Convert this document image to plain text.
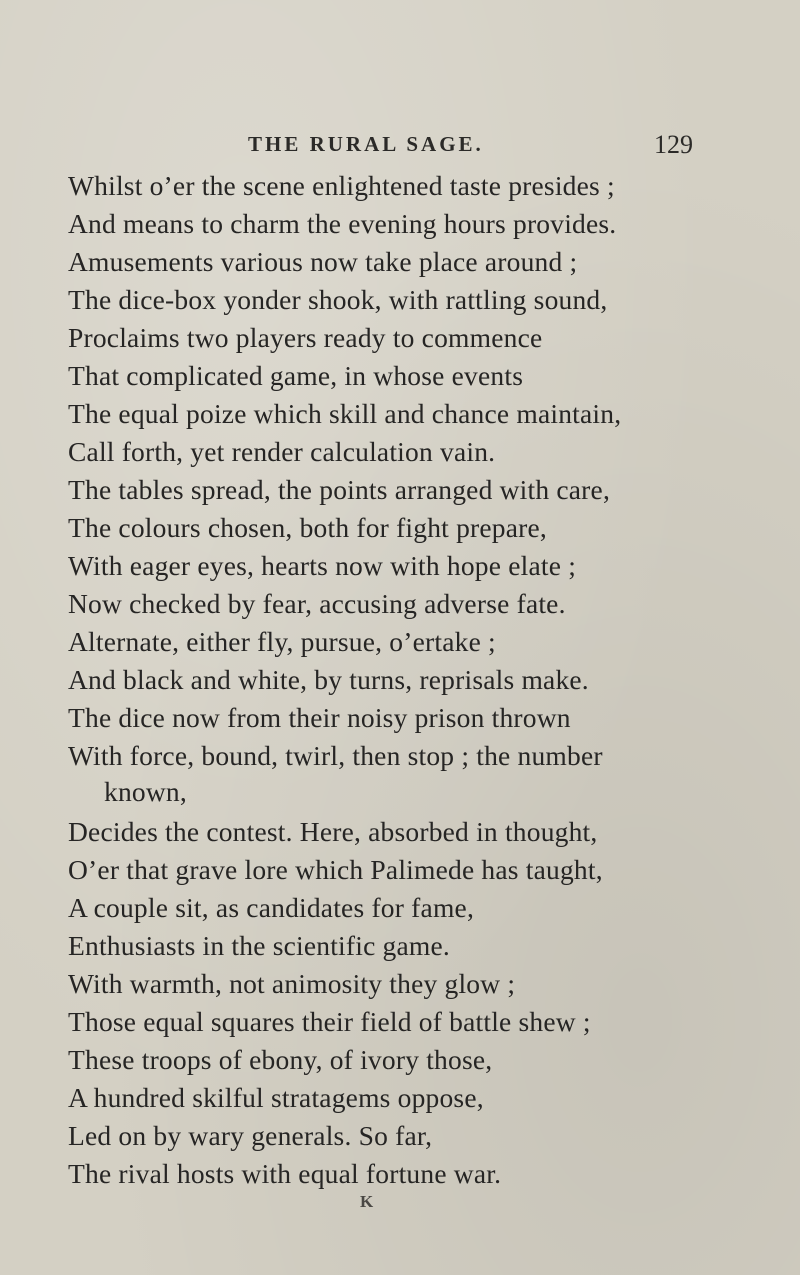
THE RURAL SAGE.	129
Whilst o’er the scene enlightened taste presides ;
And means to charm the evening hours provides.
Amusements various now take place around ;
The dice-box yonder shook, with rattling sound,
Proclaims two players ready to commence
That complicated game, in whose events
The equal poize which skill and chance maintain,
Call forth, yet render calculation vain.
The tables spread, the points arranged with care,
The colours chosen, both for fight prepare,
With eager eyes, hearts now with hope elate ;
Now checked by fear, accusing adverse fate.
Alternate, either fly, pursue, o’ertake ;
And black and white, by turns, reprisals make.
The dice now from their noisy prison thrown
With force, bound, twirl, then stop ; the number
known,
Decides the contest. Here, absorbed in thought,
O’er that grave lore which Palimede has taught,
A couple sit, as candidates for fame,
Enthusiasts in the scientific game.
With warmth, not animosity they glow ;
Those equal squares their field of battle shew ;
These troops of ebony, of ivory those,
A hundred skilful stratagems oppose,
Led on by wary generals. So far,
The rival hosts with equal fortune war.
K
